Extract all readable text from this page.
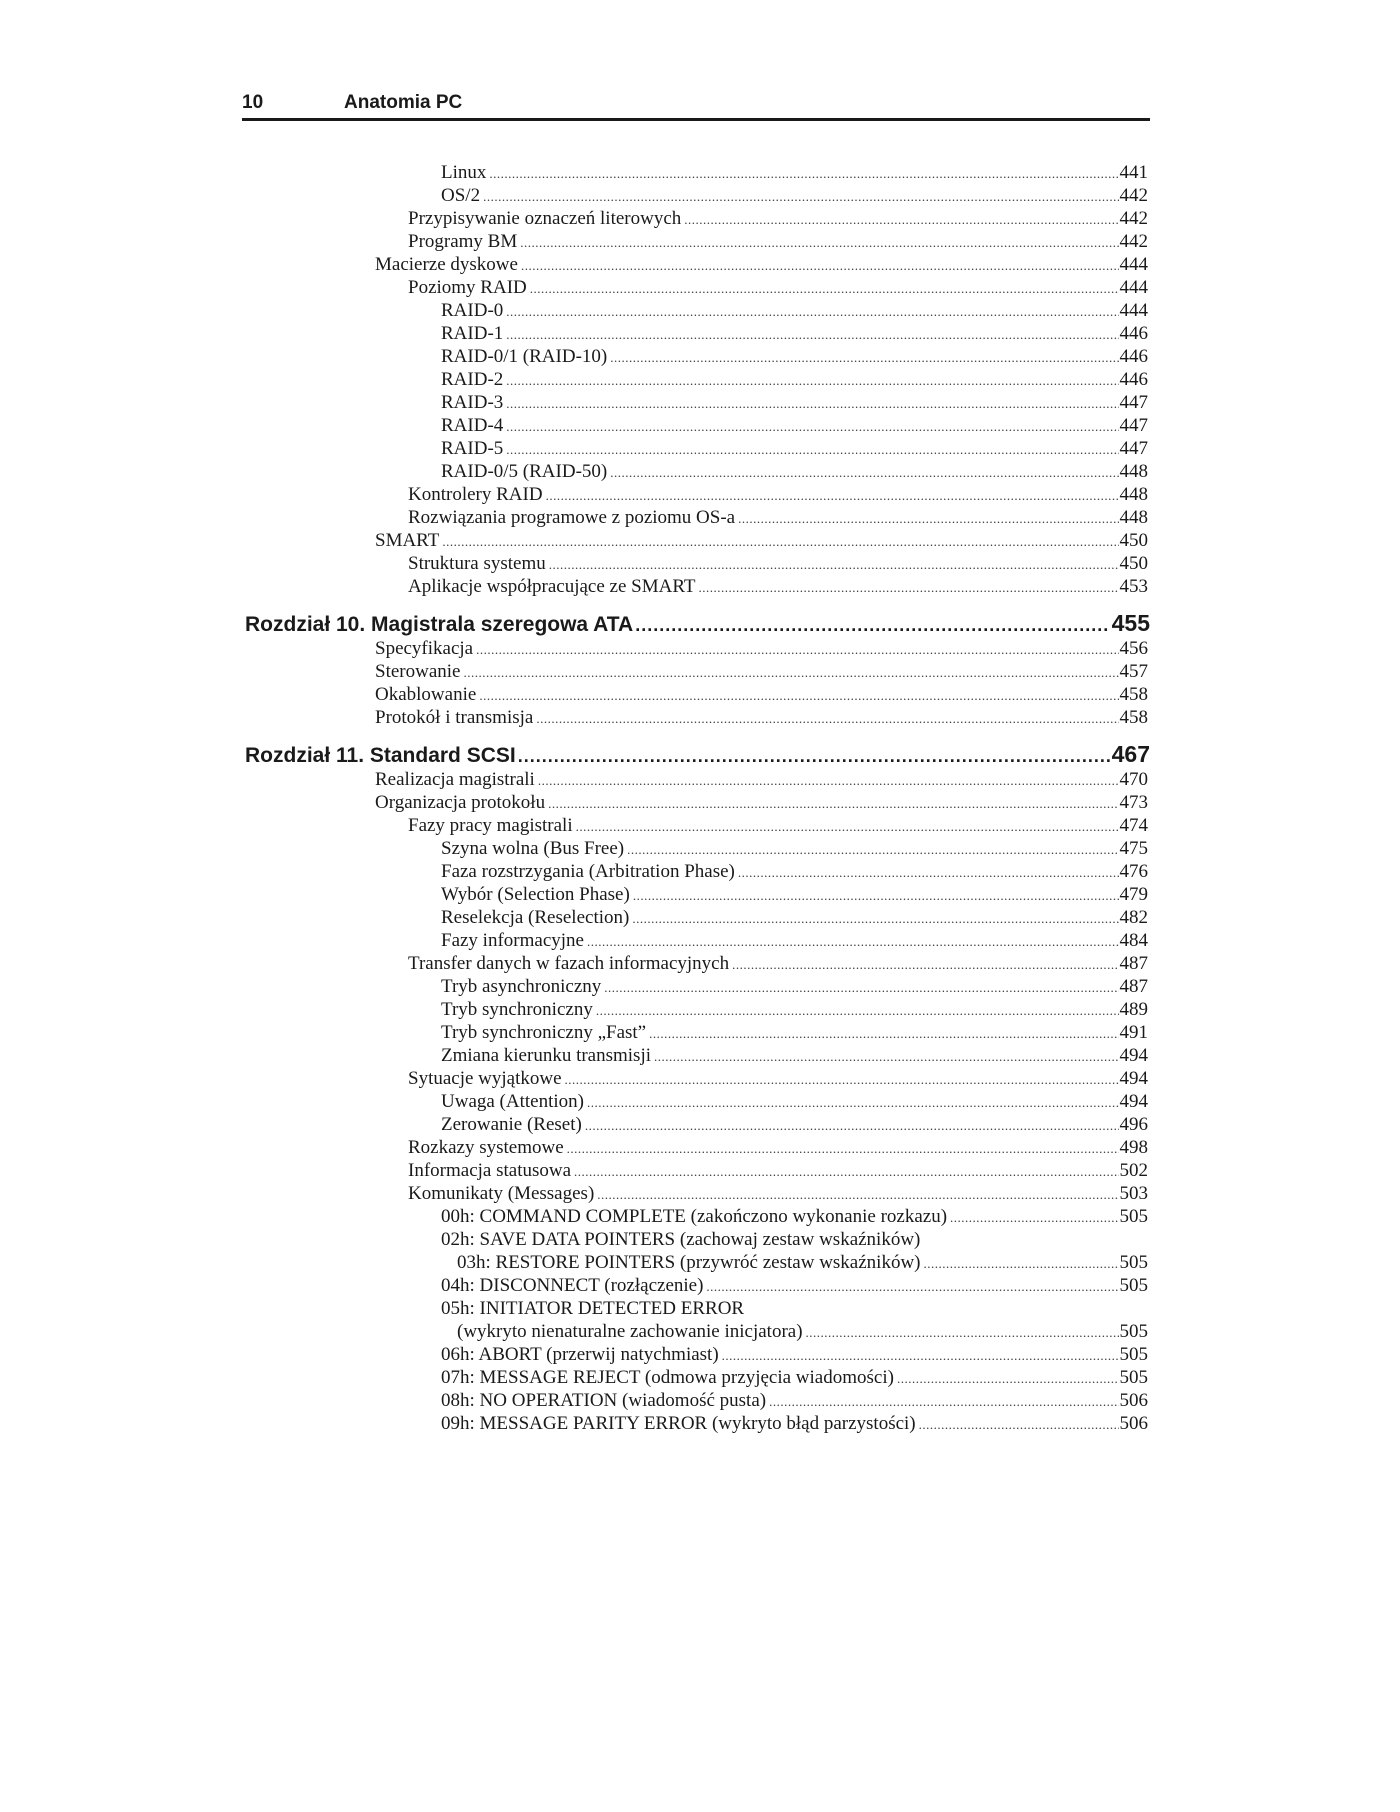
10	Anatomia PC
Linux .....	441
OS/2 .....	442
Przypisywanie oznaczeń literowych .....	442
Programy BM .....	442
Macierze dyskowe .....	444
Poziomy RAID .....	444
RAID-0 .....	444
RAID-1 .....	446
RAID-0/1 (RAID-10) .....	446
RAID-2 .....	446
RAID-3 .....	447
RAID-4 .....	447
RAID-5 .....	447
RAID-0/5 (RAID-50) .....	448
Kontrolery RAID .....	448
Rozwiązania programowe z poziomu OS-a .....	448
SMART .....	450
Struktura systemu .....	450
Aplikacje współpracujące ze SMART .....	453
Rozdział 10. Magistrala szeregowa ATA .....	455
Specyfikacja .....	456
Sterowanie .....	457
Okablowanie .....	458
Protokół i transmisja .....	458
Rozdział 11. Standard SCSI .....	467
Realizacja magistrali .....	470
Organizacja protokołu .....	473
Fazy pracy magistrali .....	474
Szyna wolna (Bus Free) .....	475
Faza rozstrzygania (Arbitration Phase) .....	476
Wybór (Selection Phase) .....	479
Reselekcja (Reselection) .....	482
Fazy informacyjne .....	484
Transfer danych w fazach informacyjnych .....	487
Tryb asynchroniczny .....	487
Tryb synchroniczny .....	489
Tryb synchroniczny „Fast” .....	491
Zmiana kierunku transmisji .....	494
Sytuacje wyjątkowe .....	494
Uwaga (Attention) .....	494
Zerowanie (Reset) .....	496
Rozkazy systemowe .....	498
Informacja statusowa .....	502
Komunikaty (Messages) .....	503
00h: COMMAND COMPLETE (zakończono wykonanie rozkazu) .....	505
02h: SAVE DATA POINTERS (zachowaj zestaw wskaźników)
03h: RESTORE POINTERS (przywróć zestaw wskaźników) .....	505
04h: DISCONNECT (rozłączenie) .....	505
05h: INITIATOR DETECTED ERROR
(wykryto nienaturalne zachowanie inicjatora) .....	505
06h: ABORT (przerwij natychmiast) .....	505
07h: MESSAGE REJECT (odmowa przyjęcia wiadomości) .....	505
08h: NO OPERATION (wiadomość pusta) .....	506
09h: MESSAGE PARITY ERROR (wykryto błąd parzystości) .....	506
